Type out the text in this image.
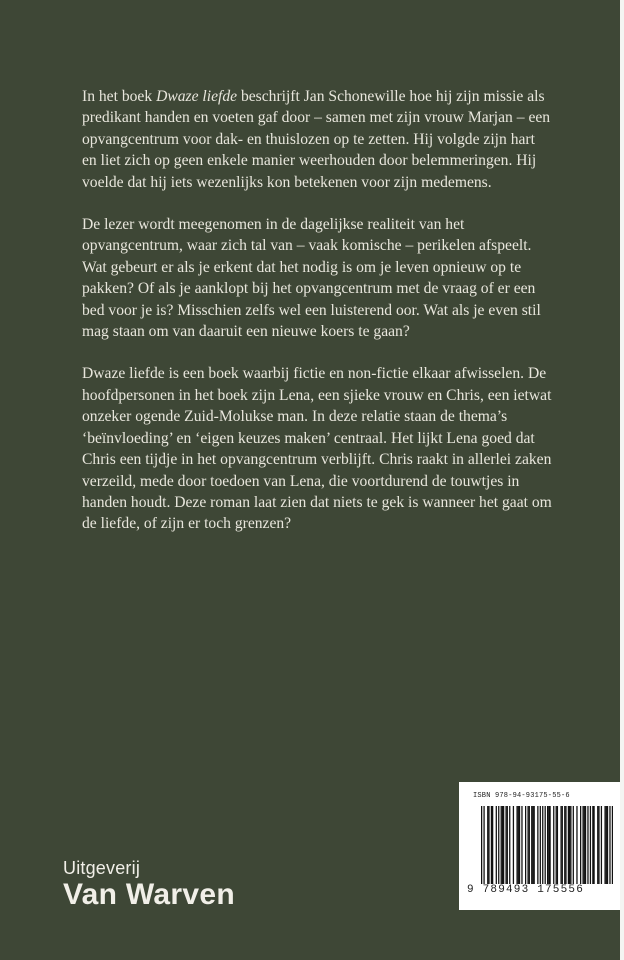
In het boek Dwaze liefde beschrijft Jan Schonewille hoe hij zijn missie als predikant handen en voeten gaf door – samen met zijn vrouw Marjan – een opvangcentrum voor dak- en thuislozen op te zetten. Hij volgde zijn hart en liet zich op geen enkele manier weerhouden door belemmeringen. Hij voelde dat hij iets wezenlijks kon betekenen voor zijn medemens.

De lezer wordt meegenomen in de dagelijkse realiteit van het opvangcentrum, waar zich tal van – vaak komische – perikelen afspeelt. Wat gebeurt er als je erkent dat het nodig is om je leven opnieuw op te pakken? Of als je aanklopt bij het opvangcentrum met de vraag of er een bed voor je is? Misschien zelfs wel een luisterend oor. Wat als je even stil mag staan om van daaruit een nieuwe koers te gaan?

Dwaze liefde is een boek waarbij fictie en non-fictie elkaar afwisselen. De hoofdpersonen in het boek zijn Lena, een sjieke vrouw en Chris, een ietwat onzeker ogende Zuid-Molukse man. In deze relatie staan de thema’s ‘beïnvloeding’ en ‘eigen keuzes maken’ centraal. Het lijkt Lena goed dat Chris een tijdje in het opvangcentrum verblijft. Chris raakt in allerlei zaken verzeild, mede door toedoen van Lena, die voortdurend de touwtjes in handen houdt. Deze roman laat zien dat niets te gek is wanneer het gaat om de liefde, of zijn er toch grenzen?

Uitgeverij
Van Warven
ISBN 978-94-93175-55-6
9 789493 175556
